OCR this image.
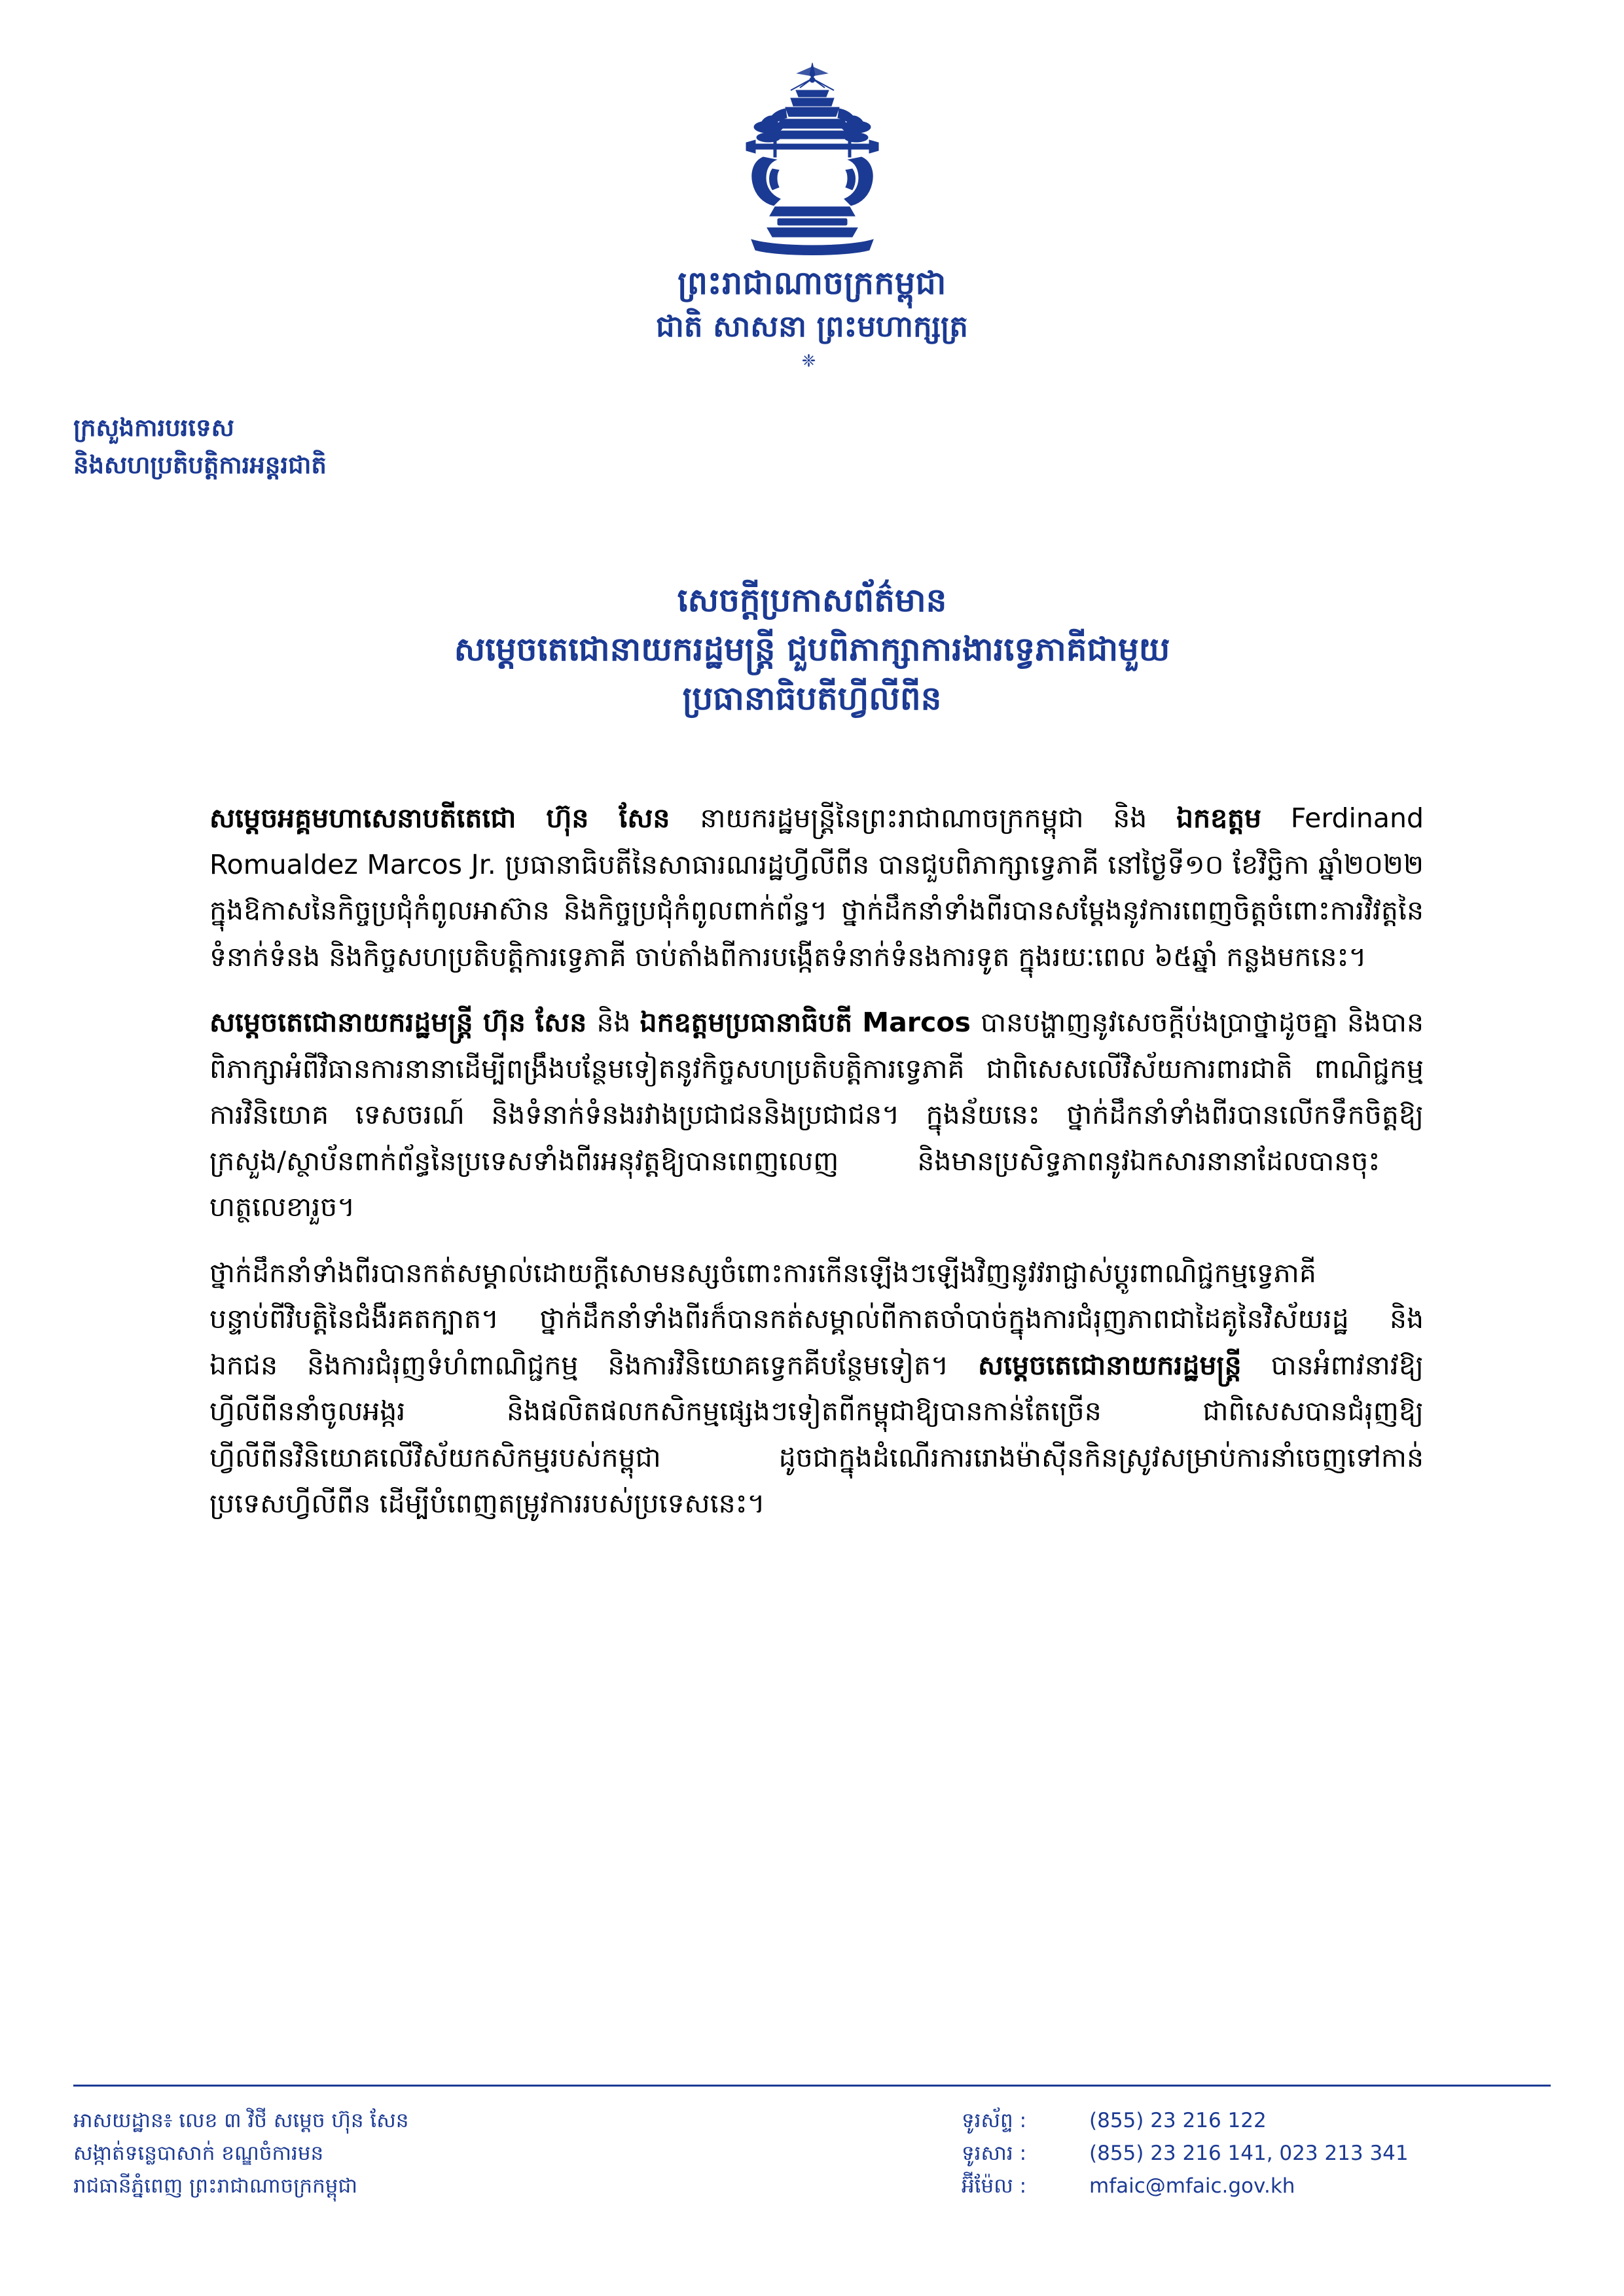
ព្រះរាជាណាចក្រកម្ពុជា
ជាតិ សាសនា ព្រះមហាក្សត្រ
❈
ក្រសួងការបរទេស
និងសហប្រតិបត្តិការអន្តរជាតិ
សេចក្តីប្រកាសព័ត៌មាន
សម្តេចតេជោនាយករដ្ឋមន្ត្រី ជួបពិភាក្សាការងារទេ្វភាគីជាមួយ
ប្រធានាធិបតីហ្វីលីពីន

សម្តេចអគ្គមហាសេនាបតីតេជោ ហ៊ុន សែន នាយករដ្ឋមន្ត្រីនៃព្រះរាជាណាចក្រកម្ពុជា និង ឯកឧត្តម Ferdinand Romualdez Marcos Jr. ប្រធានាធិបតីនៃសាធារណរដ្ឋហ្វីលីពីន បានជួបពិភាក្សាទេ្វភាគី នៅថ្ងៃទី១០ ខែវិច្ឆិកា ឆ្នាំ២០២២ ក្នុងឱកាសនៃកិច្ចប្រជុំកំពូលអាស៊ាន និងកិច្ចប្រជុំកំពូលពាក់ព័ន្ធ។ ថ្នាក់ដឹកនាំទាំងពីរបានសម្តែងនូវការពេញចិត្តចំពោះការវិវត្តនៃទំនាក់ទំនង និងកិច្ចសហប្រតិបត្តិការទេ្វភាគី ចាប់តាំងពីការបង្កើតទំនាក់ទំនងការទូត ក្នុងរយៈពេល ៦៥ឆ្នាំ កន្លងមកនេះ។

សម្តេចតេជោនាយករដ្ឋមន្ត្រី ហ៊ុន សែន និង ឯកឧត្តមប្រធានាធិបតី Marcos បានបង្ហាញនូវសេចក្តីប់ងប្រាថ្នាដូចគ្នា និងបានពិភាក្សាអំពីវិធានការនានាដើម្បីពង្រឹងបន្ថែមទៀតនូវកិច្ចសហប្រតិបត្តិការទេ្វភាគី ជាពិសេសលើវិស័យការពារជាតិ ពាណិជ្ជកម្ម ការវិនិយោគ ទេសចរណ៍ និងទំនាក់ទំនងរវាងប្រជាជននិងប្រជាជន។ ក្នុងន័យនេះ ថ្នាក់ដឹកនាំទាំងពីរបានលើកទឹកចិត្តឱ្យក្រសួង/ស្ថាប័នពាក់ព័ន្ធនៃប្រទេសទាំងពីរអនុវត្តឱ្យបានពេញលេញ	និងមានប្រសិទ្ធភាពនូវឯកសារនានាដែលបានចុះហត្ថលេខារួច។

ថ្នាក់ដឹកនាំទាំងពីរបានកត់សម្គាល់ដោយក្តីសោមនស្សចំពោះការកើនឡើងៗឡើងវិញនូវវរាជ្ផាស់ប្តូរពាណិជ្ជកម្មទេ្វភាគីបន្ទាប់ពីវិបត្តិនៃជំងឺរគតក្បាត។ ថ្នាក់ដឹកនាំទាំងពីរក៏បានកត់សម្គាល់ពីកាតចាំបាច់ក្នុងការជំរុញភាពជាដៃគូនៃវិស័យរដ្ឋ និងឯកជន និងការជំរុញទំហំពាណិជ្ជកម្ម និងការវិនិយោគទេ្វកគីបន្ថែមទៀត។ សម្តេចតេជោនាយករដ្ឋមន្ត្រី បានអំពាវនាវឱ្យហ្វីលីពីននាំចូលអង្ករ និងផលិតផលកសិកម្មផ្សេងៗទៀតពីកម្ពុជាឱ្យបានកាន់តែច្រើន ជាពិសេសបានជំរុញឱ្យហ្វីលីពីនវិនិយោគលើវិស័យកសិកម្មរបស់កម្ពុជា ដូចជាក្នុងដំណើរការរោងម៉ាស៊ីនកិនស្រូវសម្រាប់ការនាំចេញទៅកាន់ប្រទេសហ្វីលីពីន ដើម្បីបំពេញតម្រូវការរបស់ប្រទេសនេះ។

អាសយដ្ឋាន៖ លេខ ៣ វិថី សម្តេច ហ៊ុន សែន
សង្កាត់ទន្លេបាសាក់ ខណ្ឌចំការមន
រាជធានីភ្នំពេញ ព្រះរាជាណាចក្រកម្ពុជា
ទូរស័ព្ទ :	(855) 23 216 122
ទូរសារ :	(855) 23 216 141, 023 213 341
អ៊ីម៉ែល :	mfaic@mfaic.gov.kh
